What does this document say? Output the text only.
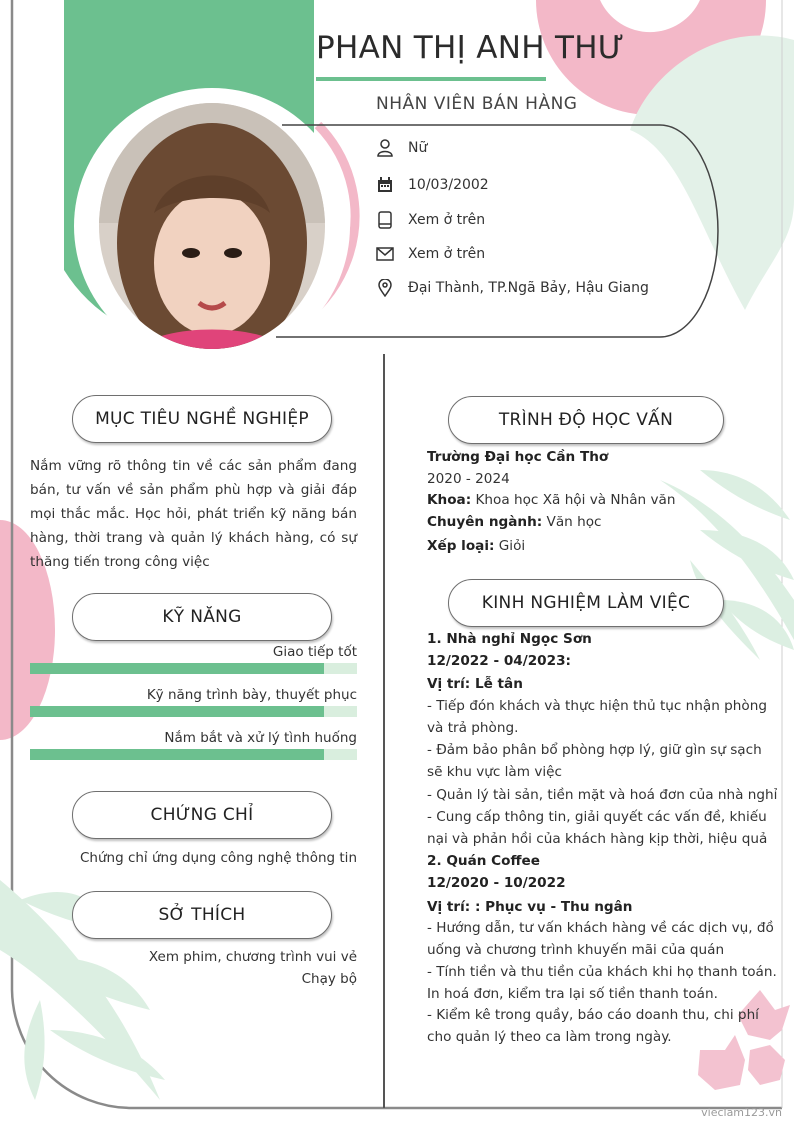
PHAN THỊ ANH THƯ
NHÂN VIÊN BÁN HÀNG
Nữ
10/03/2002
Xem ở trên
Xem ở trên
Đại Thành, TP.Ngã Bảy, Hậu Giang
MỤC TIÊU NGHỀ NGHIỆP
Nắm vững rõ thông tin về các sản phẩm đang bán, tư vấn về sản phẩm phù hợp và giải đáp mọi thắc mắc. Học hỏi, phát triển kỹ năng bán hàng, thời trang và quản lý khách hàng, có sự thăng tiến trong công việc
KỸ NĂNG
Giao tiếp tốt
Kỹ năng trình bày, thuyết phục
Nắm bắt và xử lý tình huống
CHỨNG CHỈ
Chứng chỉ ứng dụng công nghệ thông tin
SỞ THÍCH
Xem phim, chương trình vui vẻ
Chạy bộ
TRÌNH ĐỘ HỌC VẤN
Trường Đại học Cần Thơ
2020 - 2024
Khoa: Khoa học Xã hội và Nhân văn
Chuyên ngành: Văn học
Xếp loại: Giỏi
KINH NGHIỆM LÀM VIỆC
1. Nhà nghỉ Ngọc Sơn
12/2022 - 04/2023:
Vị trí: Lễ tân
- Tiếp đón khách và thực hiện thủ tục nhận phòng
và trả phòng.
- Đảm bảo phân bổ phòng hợp lý, giữ gìn sự sạch
sẽ khu vực làm việc
- Quản lý tài sản, tiền mặt và hoá đơn của nhà nghỉ
- Cung cấp thông tin, giải quyết các vấn đề, khiếu
nại và phản hồi của khách hàng kịp thời, hiệu quả
2. Quán Coffee
12/2020 - 10/2022
Vị trí: : Phục vụ - Thu ngân
- Hướng dẫn, tư vấn khách hàng về các dịch vụ, đồ
uống và chương trình khuyến mãi của quán
- Tính tiền và thu tiền của khách khi họ thanh toán.
In hoá đơn, kiểm tra lại số tiền thanh toán.
- Kiểm kê trong quầy, báo cáo doanh thu, chi phí
cho quản lý theo ca làm trong ngày.
vieclam123.vn
